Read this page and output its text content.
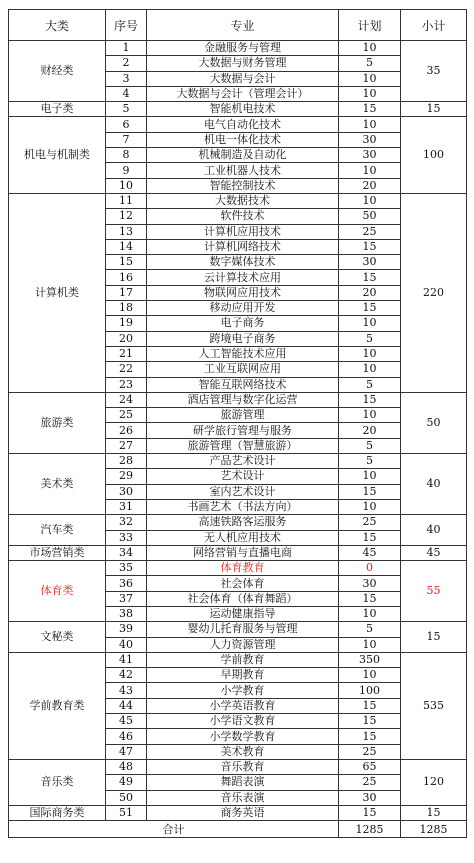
大类	序号	专业	计划	小计
财经类	1	金融服务与管理	10	35
	2	大数据与财务管理	5	
	3	大数据与会计	10	
	4	大数据与会计（管理会计）	10	
电子类	5	智能机电技术	15	15
机电与机制类	6	电气自动化技术	10	100
	7	机电一体化技术	30	
	8	机械制造及自动化	30	
	9	工业机器人技术	10	
	10	智能控制技术	20	
计算机类	11	大数据技术	10	220
	12	软件技术	50	
	13	计算机应用技术	25	
	14	计算机网络技术	15	
	15	数字媒体技术	30	
	16	云计算技术应用	15	
	17	物联网应用技术	20	
	18	移动应用开发	15	
	19	电子商务	10	
	20	跨境电子商务	5	
	21	人工智能技术应用	10	
	22	工业互联网应用	10	
	23	智能互联网络技术	5	
旅游类	24	酒店管理与数字化运营	15	50
	25	旅游管理	10	
	26	研学旅行管理与服务	20	
	27	旅游管理（智慧旅游）	5	
美术类	28	产品艺术设计	5	40
	29	艺术设计	10	
	30	室内艺术设计	15	
	31	书画艺术（书法方向）	10	
汽车类	32	高速铁路客运服务	25	40
	33	无人机应用技术	15	
市场营销类	34	网络营销与直播电商	45	45
体育类	35	体育教育	0	55
	36	社会体育	30	
	37	社会体育（体育舞蹈）	15	
	38	运动健康指导	10	
文秘类	39	婴幼儿托育服务与管理	5	15
	40	人力资源管理	10	
学前教育类	41	学前教育	350	535
	42	早期教育	10	
	43	小学教育	100	
	44	小学英语教育	15	
	45	小学语文教育	15	
	46	小学数学教育	15	
	47	美术教育	25	
音乐类	48	音乐教育	65	120
	49	舞蹈表演	25	
	50	音乐表演	30	
国际商务类	51	商务英语	15	15
合计			1285	1285
